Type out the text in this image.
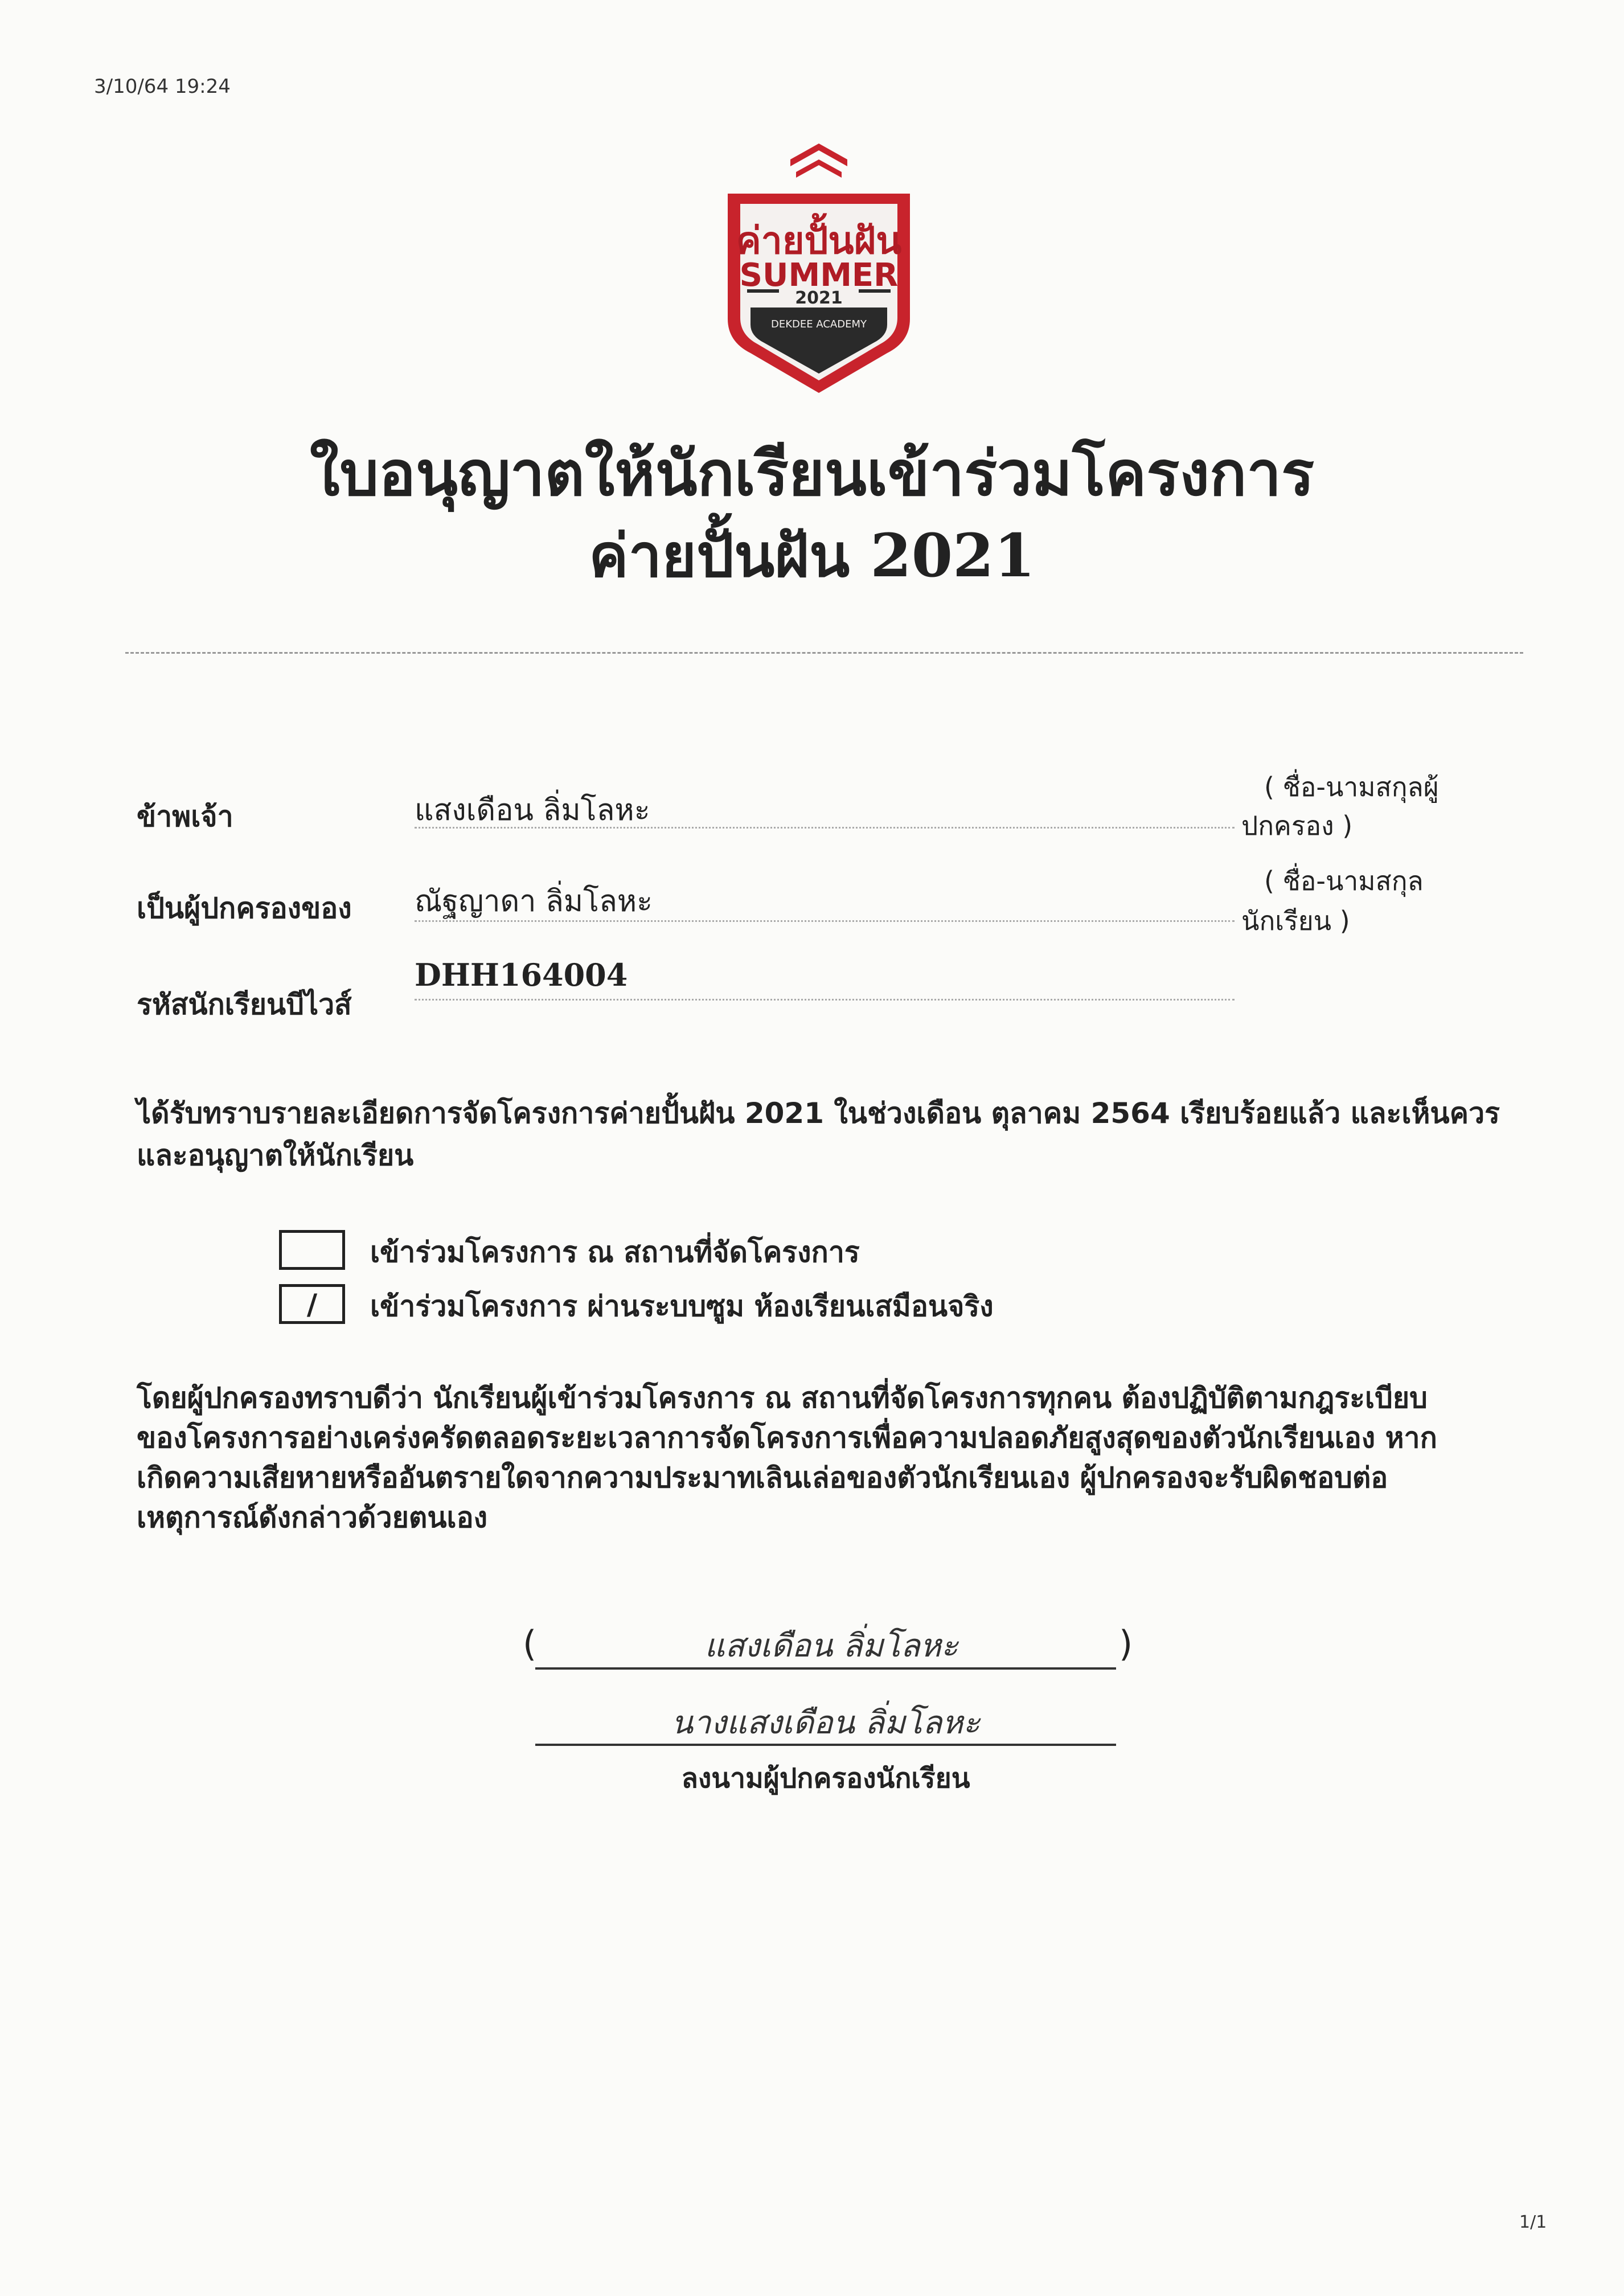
3/10/64 19:24
ค่ายปั้นฝัน
SUMMER
2021
DEKDEE ACADEMY
ใบอนุญาตให้นักเรียนเข้าร่วมโครงการ
ค่ายปั้นฝัน 2021
ข้าพเจ้า	แสงเดือน ลิ่มโลหะ
( ชื่อ-นามสกุลผู้
ปกครอง )
เป็นผู้ปกครองของ ณัฐญาดา ลิ่มโลหะ
( ชื่อ-นามสกุล
นักเรียน )
รหัสนักเรียนบีไวส์
DHH164004
ได้รับทราบรายละเอียดการจัดโครงการค่ายปั้นฝัน 2021 ในช่วงเดือน ตุลาคม 2564 เรียบร้อยแล้ว และเห็นควร
และอนุญาตให้นักเรียน
เข้าร่วมโครงการ ณ สถานที่จัดโครงการ
/	เข้าร่วมโครงการ ผ่านระบบซูม ห้องเรียนเสมือนจริง
โดยผู้ปกครองทราบดีว่า นักเรียนผู้เข้าร่วมโครงการ ณ สถานที่จัดโครงการทุกคน ต้องปฏิบัติตามกฎระเบียบ
ของโครงการอย่างเคร่งครัดตลอดระยะเวลาการจัดโครงการเพื่อความปลอดภัยสูงสุดของตัวนักเรียนเอง หาก
เกิดความเสียหายหรืออันตรายใดจากความประมาทเลินเล่อของตัวนักเรียนเอง ผู้ปกครองจะรับผิดชอบต่อ
เหตุการณ์ดังกล่าวด้วยตนเอง
(	แสงเดือน ลิ่มโลหะ	)
นางแสงเดือน ลิ่มโลหะ
ลงนามผู้ปกครองนักเรียน
1/1
